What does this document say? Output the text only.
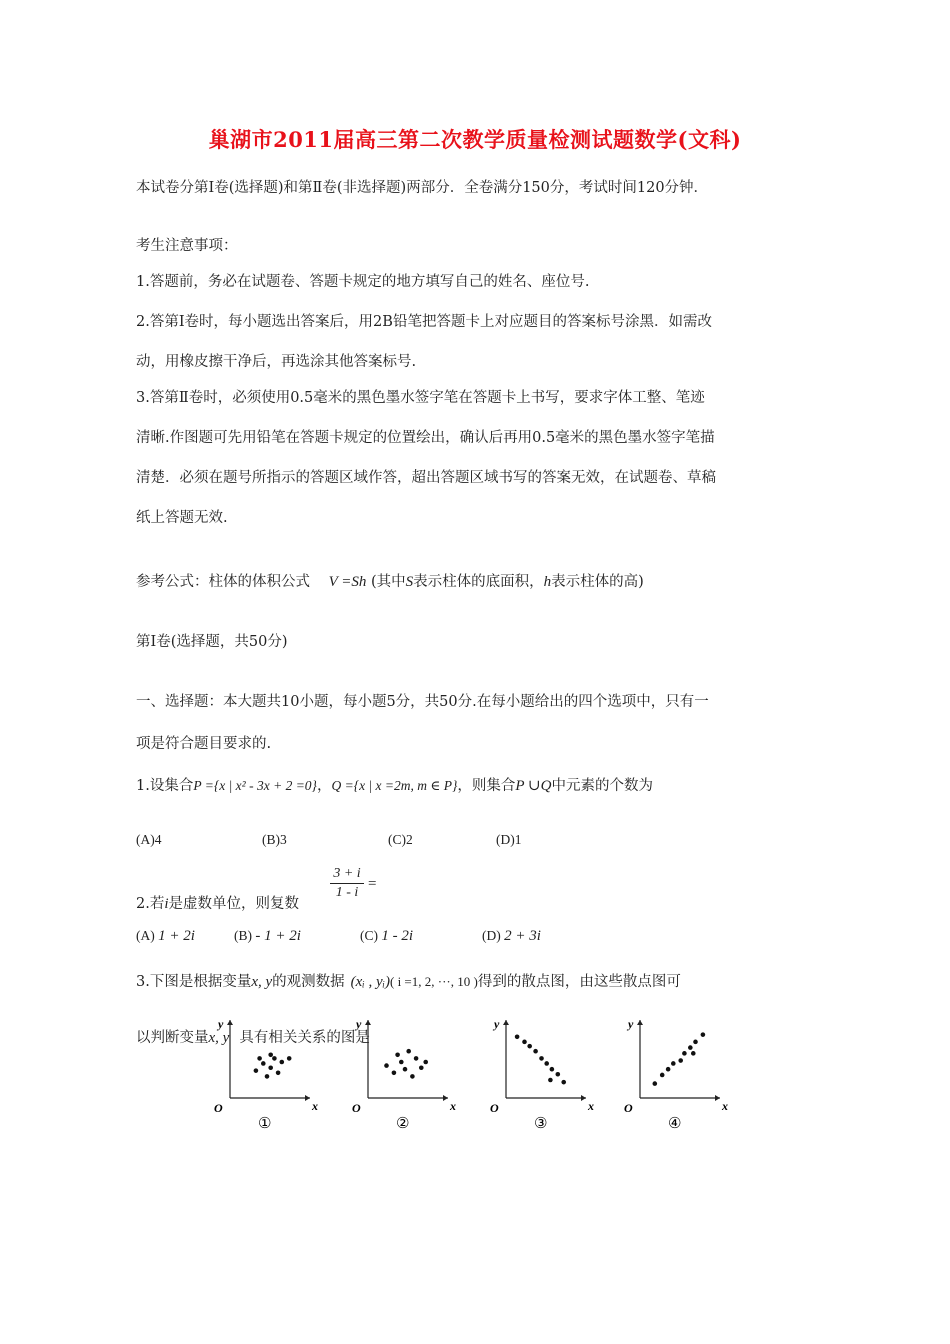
巢湖市2011届高三第二次教学质量检测试题数学(文科)
本试卷分第Ⅰ卷(选择题)和第Ⅱ卷(非选择题)两部分．全卷满分150分，考试时间120分钟．
考生注意事项：
1.答题前，务必在试题卷、答题卡规定的地方填写自己的姓名、座位号.
2.答第Ⅰ卷时，每小题选出答案后，用2B铅笔把答题卡上对应题目的答案标号涂黑．如需改
动，用橡皮擦干净后，再选涂其他答案标号.
3.答第Ⅱ卷时，必须使用0.5毫米的黑色墨水签字笔在答题卡上书写，要求字体工整、笔迹
清晰.作图题可先用铅笔在答题卡规定的位置绘出，确认后再用0.5毫米的黑色墨水签字笔描
清楚．必须在题号所指示的答题区域作答，超出答题区域书写的答案无效，在试题卷、草稿
纸上答题无效.
参考公式：柱体的体积公式 V =Sh (其中S表示柱体的底面积，h表示柱体的高)
第Ⅰ卷(选择题，共50分)
一、选择题：本大题共10小题，每小题5分，共50分.在每小题给出的四个选项中，只有一
项是符合题目要求的.
1.设集合P ={x | x² - 3x + 2 =0}，Q ={x | x =2m, m ∈ P}，则集合P ∪Q中元素的个数为
(A)4	(B)3	(C)2	(D)1
$\frac{3 + i}{1 - i}$ =
2.若i是虚数单位，则复数
(A) 1 + 2i	(B) - 1 + 2i	(C) 1 - 2i	(D) 2 + 3i
3.下图是根据变量x, y的观测数据 (xᵢ , yᵢ)( i =1, 2, ···, 10 )得到的散点图，由这些散点图可
以判断变量x, y 具有相关关系的图是
x
y
O
①
x
y
O
②
x
y
O
③
x
y
O
④
